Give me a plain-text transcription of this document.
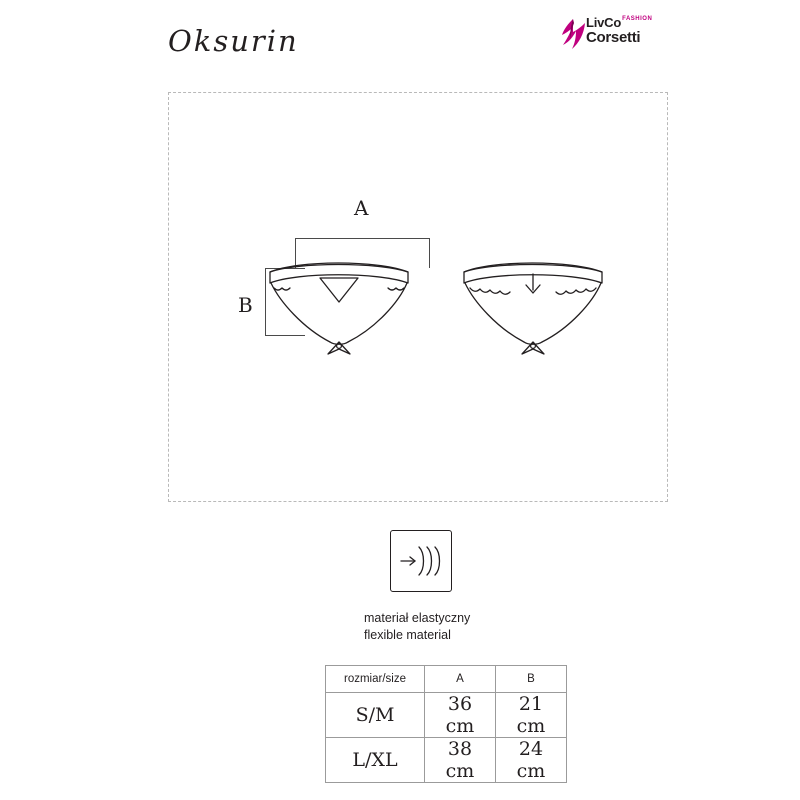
Oksurin
LivCo$^{FASHION}$
Corsetti
A
B
materiał elastyczny
flexible material
rozmiar/size	A	B
S/M	36 cm	21 cm
L/XL	38 cm	24 cm
